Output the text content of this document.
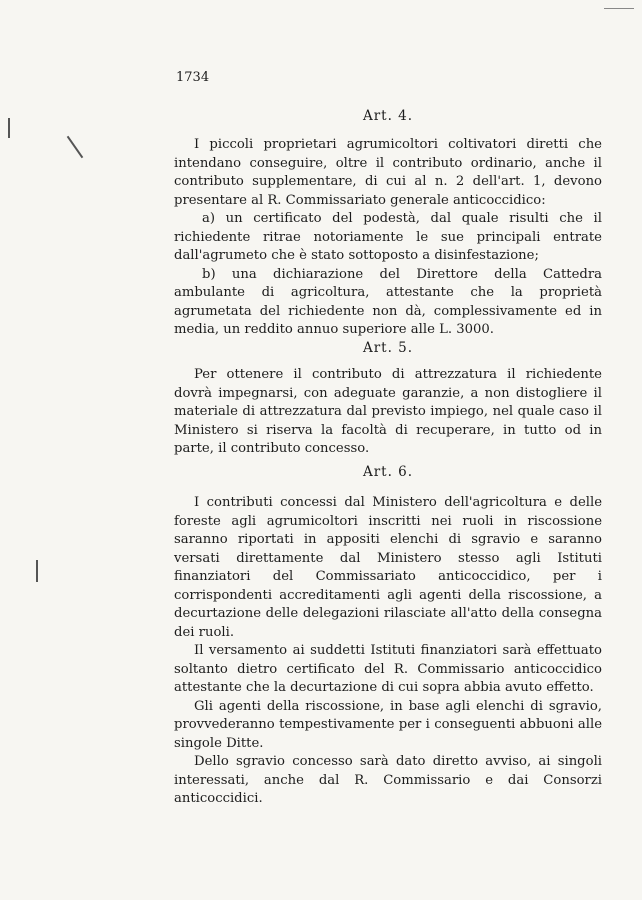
1734
Art. 4.

I piccoli proprietari agrumicoltori coltivatori diretti che intendano conseguire, oltre il contributo ordinario, anche il contributo supplementare, di cui al n. 2 dell'art. 1, devono presentare al R. Commissariato generale anticoccidico:

a) un certificato del podestà, dal quale risulti che il richiedente ritrae notoriamente le sue principali entrate dall'agrumeto che è stato sottoposto a disinfestazione;

b) una dichiarazione del Direttore della Cattedra ambulante di agricoltura, attestante che la proprietà agrumetata del richiedente non dà, complessivamente ed in media, un reddito annuo superiore alle L. 3000.

Art. 5.

Per ottenere il contributo di attrezzatura il richiedente dovrà impegnarsi, con adeguate garanzie, a non distogliere il materiale di attrezzatura dal previsto impiego, nel quale caso il Ministero si riserva la facoltà di recuperare, in tutto od in parte, il contributo concesso.

Art. 6.

I contributi concessi dal Ministero dell'agricoltura e delle foreste agli agrumicoltori inscritti nei ruoli in riscossione saranno riportati in appositi elenchi di sgravio e saranno versati direttamente dal Ministero stesso agli Istituti finanziatori del Commissariato anticoccidico, per i corrispondenti accreditamenti agli agenti della riscossione, a decurtazione delle delegazioni rilasciate all'atto della consegna dei ruoli.

Il versamento ai suddetti Istituti finanziatori sarà effettuato soltanto dietro certificato del R. Commissario anticoccidico attestante che la decurtazione di cui sopra abbia avuto effetto.

Gli agenti della riscossione, in base agli elenchi di sgravio, provvederanno tempestivamente per i conseguenti abbuoni alle singole Ditte.

Dello sgravio concesso sarà dato diretto avviso, ai singoli interessati, anche dal R. Commissario e dai Consorzi anticoccidici.
